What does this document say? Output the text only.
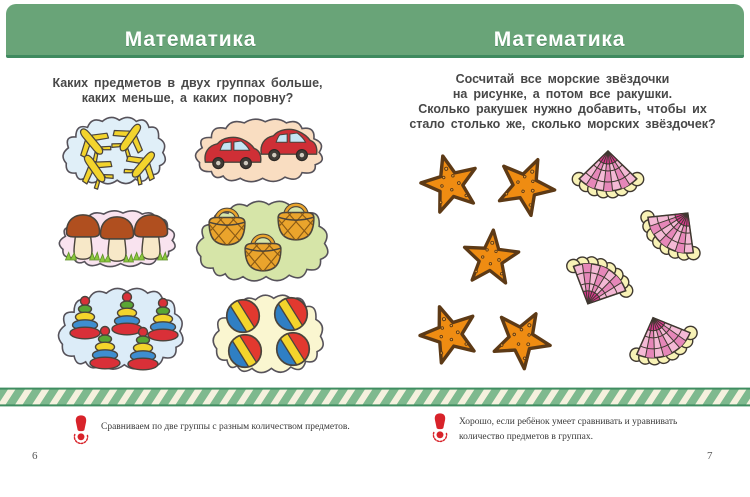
Математика	Математика
Каких предметов в двух группах больше,
каких меньше, а каких поровну?
Сосчитай все морские звёздочки
на рисунке, а потом все ракушки.
Сколько ракушек нужно добавить, чтобы их
стало столько же, сколько морских звёздочек?
Сравниваем по две группы с разным количеством предметов.	Хорошо, если ребёнок умеет сравнивать и уравнивать
количество предметов в группах.
6	7
